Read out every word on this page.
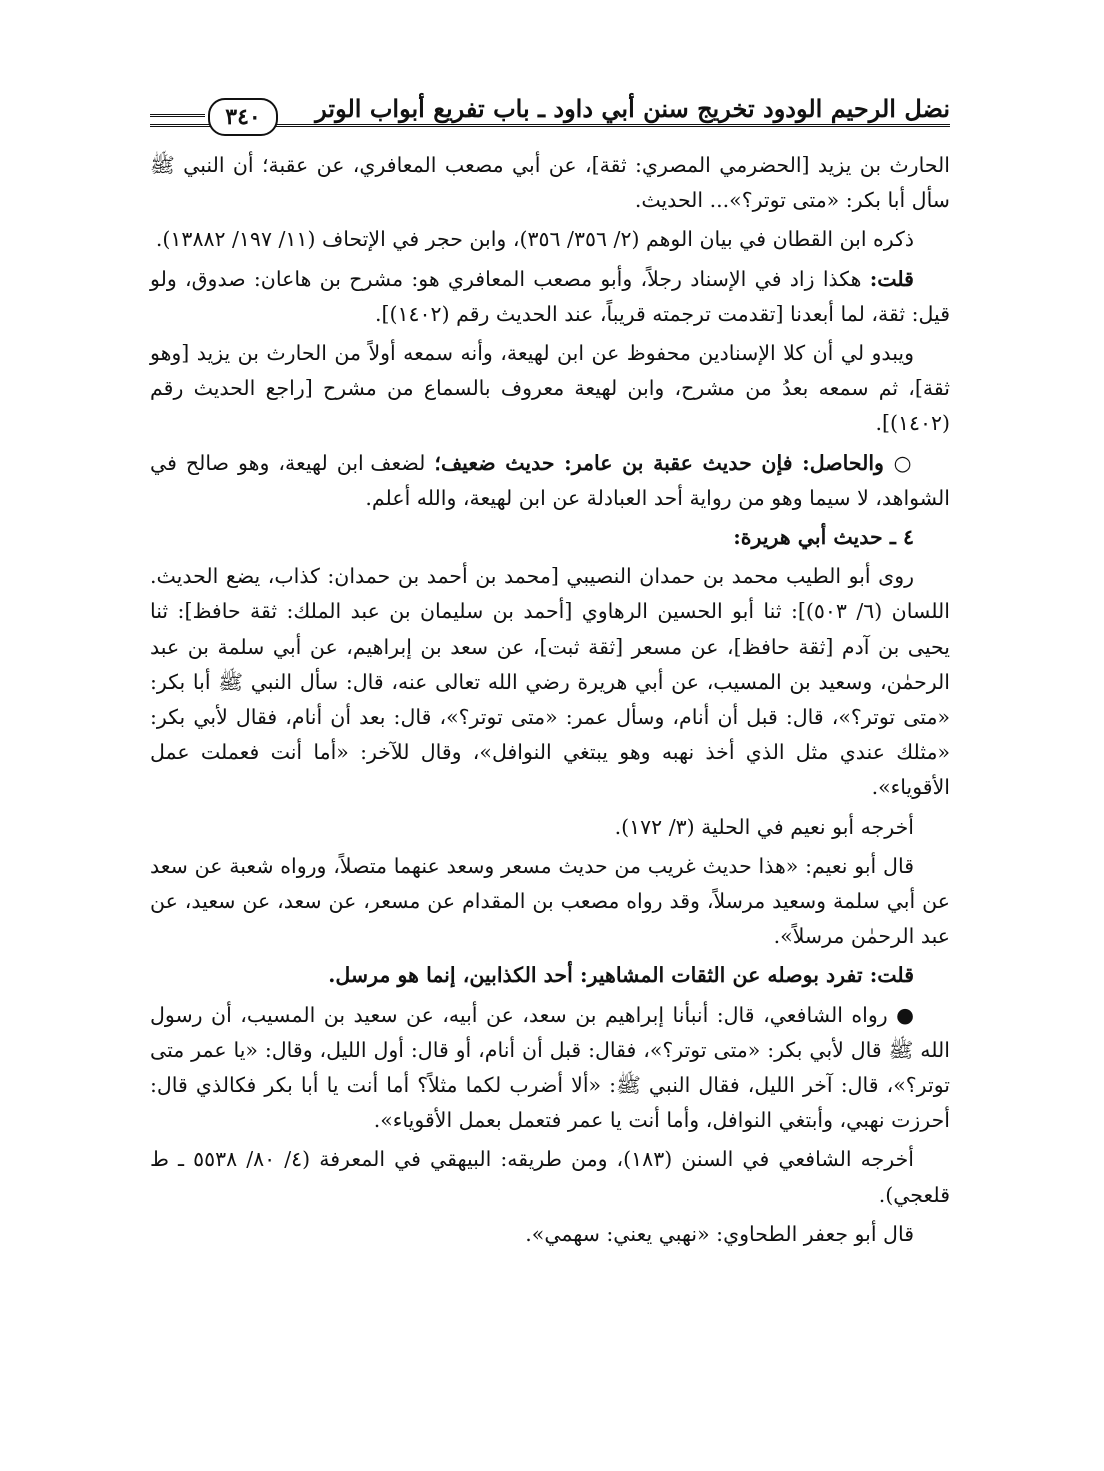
نضل الرحيم الودود تخريج سنن أبي داود ـ باب تفريع أبواب الوتر
٣٤٠

الحارث بن يزيد [الحضرمي المصري: ثقة]، عن أبي مصعب المعافري، عن عقبة؛ أن النبي ﷺ سأل أبا بكر: «متى توتر؟»... الحديث.

ذكره ابن القطان في بيان الوهم (٢/ ٣٥٦/ ٣٥٦)، وابن حجر في الإتحاف (١١/ ١٩٧/ ١٣٨٨٢).

قلت: هكذا زاد في الإسناد رجلاً، وأبو مصعب المعافري هو: مشرح بن هاعان: صدوق، ولو قيل: ثقة، لما أبعدنا [تقدمت ترجمته قريباً، عند الحديث رقم (١٤٠٢)].

ويبدو لي أن كلا الإسنادين محفوظ عن ابن لهيعة، وأنه سمعه أولاً من الحارث بن يزيد [وهو ثقة]، ثم سمعه بعدُ من مشرح، وابن لهيعة معروف بالسماع من مشرح [راجع الحديث رقم (١٤٠٢)].

○ والحاصل: فإن حديث عقبة بن عامر: حديث ضعيف؛ لضعف ابن لهيعة، وهو صالح في الشواهد، لا سيما وهو من رواية أحد العبادلة عن ابن لهيعة، والله أعلم.

٤ ـ حديث أبي هريرة:

روى أبو الطيب محمد بن حمدان النصيبي [محمد بن أحمد بن حمدان: كذاب، يضع الحديث. اللسان (٦/ ٥٠٣)]: ثنا أبو الحسين الرهاوي [أحمد بن سليمان بن عبد الملك: ثقة حافظ]: ثنا يحيى بن آدم [ثقة حافظ]، عن مسعر [ثقة ثبت]، عن سعد بن إبراهيم، عن أبي سلمة بن عبد الرحمٰن، وسعيد بن المسيب، عن أبي هريرة رضي الله تعالى عنه، قال: سأل النبي ﷺ أبا بكر: «متى توتر؟»، قال: قبل أن أنام، وسأل عمر: «متى توتر؟»، قال: بعد أن أنام، فقال لأبي بكر: «مثلك عندي مثل الذي أخذ نهبه وهو يبتغي النوافل»، وقال للآخر: «أما أنت فعملت عمل الأقوياء».

أخرجه أبو نعيم في الحلية (٣/ ١٧٢).

قال أبو نعيم: «هذا حديث غريب من حديث مسعر وسعد عنهما متصلاً، ورواه شعبة عن سعد عن أبي سلمة وسعيد مرسلاً، وقد رواه مصعب بن المقدام عن مسعر، عن سعد، عن سعيد، عن عبد الرحمٰن مرسلاً».

قلت: تفرد بوصله عن الثقات المشاهير: أحد الكذابين، إنما هو مرسل.

● رواه الشافعي، قال: أنبأنا إبراهيم بن سعد، عن أبيه، عن سعيد بن المسيب، أن رسول الله ﷺ قال لأبي بكر: «متى توتر؟»، فقال: قبل أن أنام، أو قال: أول الليل، وقال: «يا عمر متى توتر؟»، قال: آخر الليل، فقال النبي ﷺ: «ألا أضرب لكما مثلاً؟ أما أنت يا أبا بكر فكالذي قال: أحرزت نهبي، وأبتغي النوافل، وأما أنت يا عمر فتعمل بعمل الأقوياء».

أخرجه الشافعي في السنن (١٨٣)، ومن طريقه: البيهقي في المعرفة (٤/ ٨٠/ ٥٥٣٨ ـ ط قلعجي).

قال أبو جعفر الطحاوي: «نهبي يعني: سهمي».
